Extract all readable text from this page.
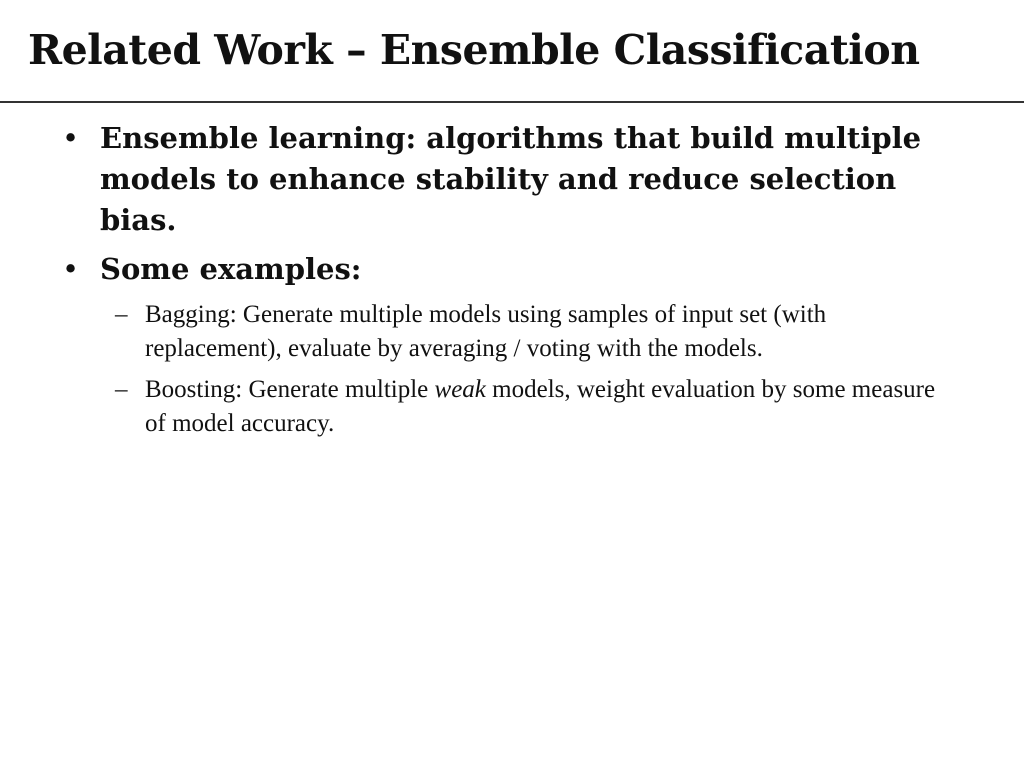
Related Work – Ensemble Classification
• Ensemble learning: algorithms that build multiple models to enhance stability and reduce selection bias.
• Some examples:
– Bagging: Generate multiple models using samples of input set (with replacement), evaluate by averaging / voting with the models.
– Boosting: Generate multiple weak models, weight evaluation by some measure of model accuracy.
